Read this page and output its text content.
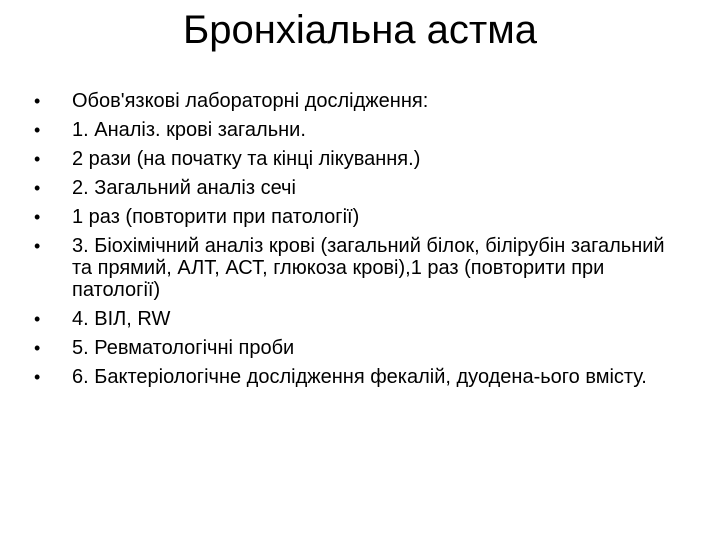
Бронхіальна астма
• Обов'язкові лабораторні дослідження:
• 1. Аналіз. крові загальни.
• 2 рази (на початку та кінці лікування.)
• 2. Загальний аналіз сечі
• 1 раз (повторити при патології)
• 3. Біохімічний аналіз крові (загальний білок, білірубін загальний та прямий, АЛТ, АСТ, глюкоза крові),1 раз (повторити при патології)
• 4. ВІЛ, RW
• 5. Ревматологічні проби
• 6. Бактеріологічне дослідження фекалій, дуодена-ього вмісту.
